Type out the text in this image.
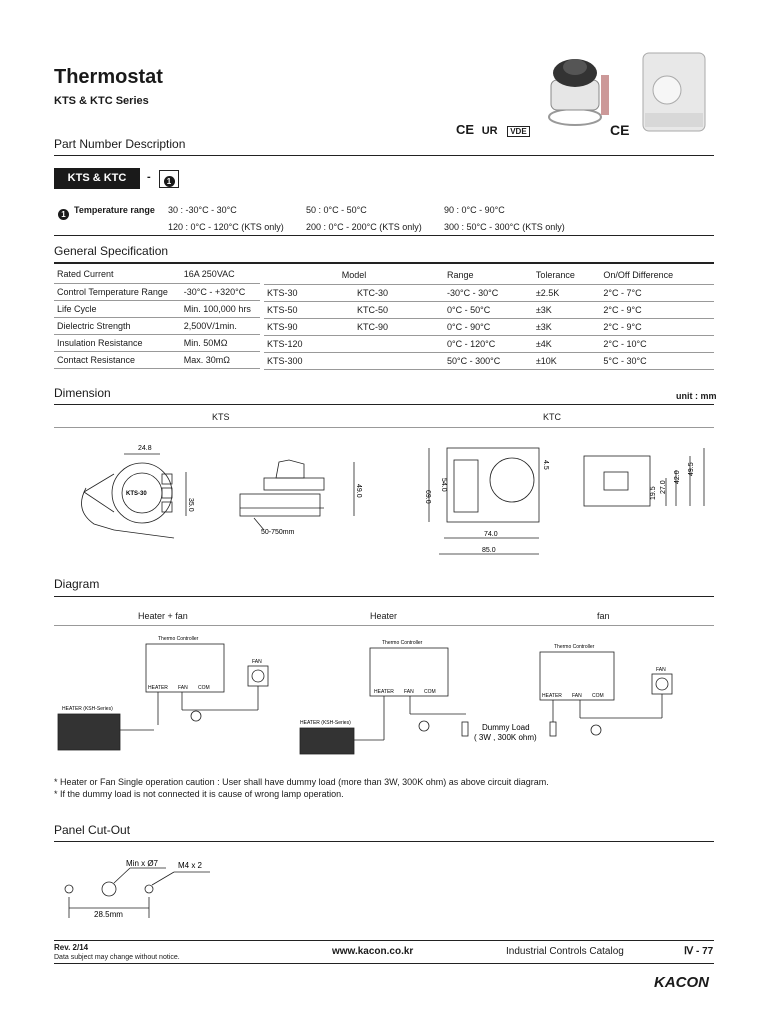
Thermostat
KTS & KTC Series
CE UR VDE	CE
Part Number Description
KTS & KTC	-	1
1 Temperature range 30 : -30°C - 30°C	50 : 0°C - 50°C	90 : 0°C - 90°C
120 : 0°C - 120°C (KTS only) 200 : 0°C - 200°C (KTS only) 300 : 50°C - 300°C (KTS only)
General Specification
Rated Current	16A 250VAC
Control Temperature Range	-30°C - +320°C
Life Cycle	Min. 100,000 hrs
Dielectric Strength	2,500V/1min.
Insulation Resistance	Min. 50MΩ
Contact Resistance	Max. 30mΩ
Model		Range	Tolerance	On/Off Difference
KTS-30	KTC-30	-30°C - 30°C	±2.5K	2°C - 7°C
KTS-50	KTC-50	0°C - 50°C	±3K	2°C - 9°C
KTS-90	KTC-90	0°C - 90°C	±3K	2°C - 9°C
KTS-120		0°C - 120°C	±4K	2°C - 10°C
KTS-300		50°C - 300°C	±10K	5°C - 30°C
Dimension	unit : mm
KTS	KTC
24.8
35.0
KTS-30	49.0
50-750mm	74.0
85.0
69.0
54.0
4.5
19.5 27.0
42.0
49.5
Diagram
Heater + fan	Heater	fan
Thermo Controller
HEATER FAN COM
FAN
HEATER (KSH-Series)
Thermo Controller
HEATER FAN COM
HEATER (KSH-Series)	Dummy Load
( 3W , 300K ohm)
Thermo Controller
HEATER FAN COM
FAN
* Heater or Fan Single operation caution : User shall have dummy load (more than 3W, 300K ohm) as above circuit diagram.
* If the dummy load is not connected it is cause of wrong lamp operation.
Panel Cut-Out
Min x Ø7 M4 x 2
28.5mm
Rev. 2/14
Data subject may change without notice.
www.kacon.co.kr	Industrial Controls Catalog	Ⅳ - 77
KACON
